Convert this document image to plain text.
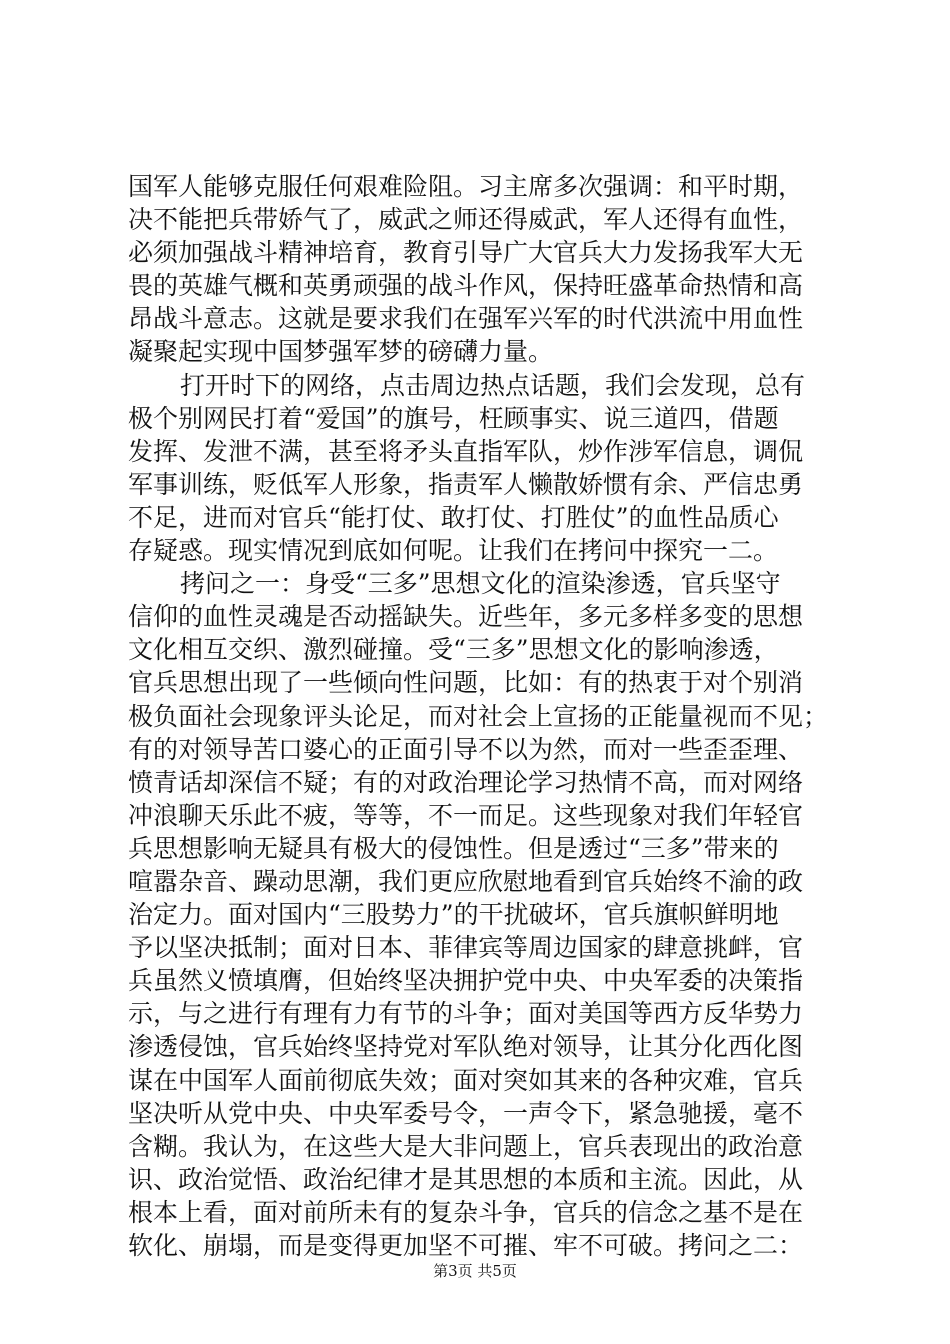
国军人能够克服任何艰难险阻。习主席多次强调：和平时期，
决不能把兵带娇气了，威武之师还得威武，军人还得有血性，
必须加强战斗精神培育，教育引导广大官兵大力发扬我军大无
畏的英雄气概和英勇顽强的战斗作风，保持旺盛革命热情和高
昂战斗意志。这就是要求我们在强军兴军的时代洪流中用血性
凝聚起实现中国梦强军梦的磅礴力量。
打开时下的网络，点击周边热点话题，我们会发现，总有
极个别网民打着“爱国”的旗号，枉顾事实、说三道四，借题
发挥、发泄不满，甚至将矛头直指军队，炒作涉军信息，调侃
军事训练，贬低军人形象，指责军人懒散娇惯有余、严信忠勇
不足，进而对官兵“能打仗、敢打仗、打胜仗”的血性品质心
存疑惑。现实情况到底如何呢。让我们在拷问中探究一二。
拷问之一：身受“三多”思想文化的渲染渗透，官兵坚守
信仰的血性灵魂是否动摇缺失。近些年，多元多样多变的思想
文化相互交织、激烈碰撞。受“三多”思想文化的影响渗透，
官兵思想出现了一些倾向性问题，比如：有的热衷于对个别消
极负面社会现象评头论足，而对社会上宣扬的正能量视而不见；
有的对领导苦口婆心的正面引导不以为然，而对一些歪歪理、
愤青话却深信不疑；有的对政治理论学习热情不高，而对网络
冲浪聊天乐此不疲，等等，不一而足。这些现象对我们年轻官
兵思想影响无疑具有极大的侵蚀性。但是透过“三多”带来的
喧嚣杂音、躁动思潮，我们更应欣慰地看到官兵始终不渝的政
治定力。面对国内“三股势力”的干扰破坏，官兵旗帜鲜明地
予以坚决抵制；面对日本、菲律宾等周边国家的肆意挑衅，官
兵虽然义愤填膺，但始终坚决拥护党中央、中央军委的决策指
示，与之进行有理有力有节的斗争；面对美国等西方反华势力
渗透侵蚀，官兵始终坚持党对军队绝对领导，让其分化西化图
谋在中国军人面前彻底失效；面对突如其来的各种灾难，官兵
坚决听从党中央、中央军委号令，一声令下，紧急驰援，毫不
含糊。我认为，在这些大是大非问题上，官兵表现出的政治意
识、政治觉悟、政治纪律才是其思想的本质和主流。因此，从
根本上看，面对前所未有的复杂斗争，官兵的信念之基不是在
软化、崩塌，而是变得更加坚不可摧、牢不可破。拷问之二：
第3页 共5页
